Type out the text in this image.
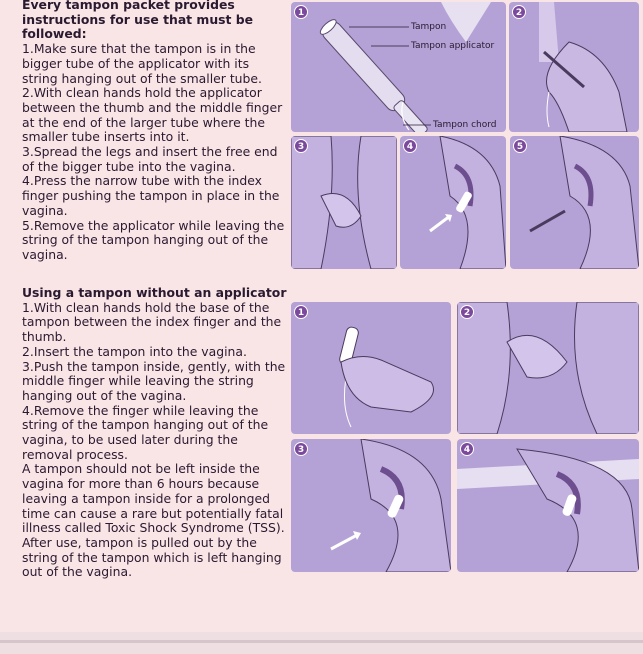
Every tampon packet provides instructions for use that must be followed:

1.Make sure that the tampon is in the bigger tube of the applicator with its string hanging out of the smaller tube.

2.With clean hands hold the applicator between the thumb and the middle finger at the end of the larger tube where the smaller tube inserts into it.

3.Spread the legs and insert the free end of the bigger tube into the vagina.

4.Press the narrow tube with the index finger pushing the tampon in place in the vagina.

5.Remove the applicator while leaving the string of the tampon hanging out of the vagina.

Using a tampon without an applicator

1.With clean hands hold the base of the tampon between the index finger and the thumb.

2.Insert the tampon into the vagina.

3.Push the tampon inside, gently, with the middle finger while leaving the string hanging out of the vagina.

4.Remove the finger while leaving the string of the tampon hanging out of the vagina, to be used later during the removal process.

A tampon should not be left inside the vagina for more than 6 hours because leaving a tampon inside for a prolonged time can cause a rare but potentially fatal illness called Toxic Shock Syndrome (TSS). After use, tampon is pulled out by the string of the tampon which is left hanging out of the vagina.

1
Tampon
Tampon applicator
Tampon chord
2
3	4	5
1	2
3	4
